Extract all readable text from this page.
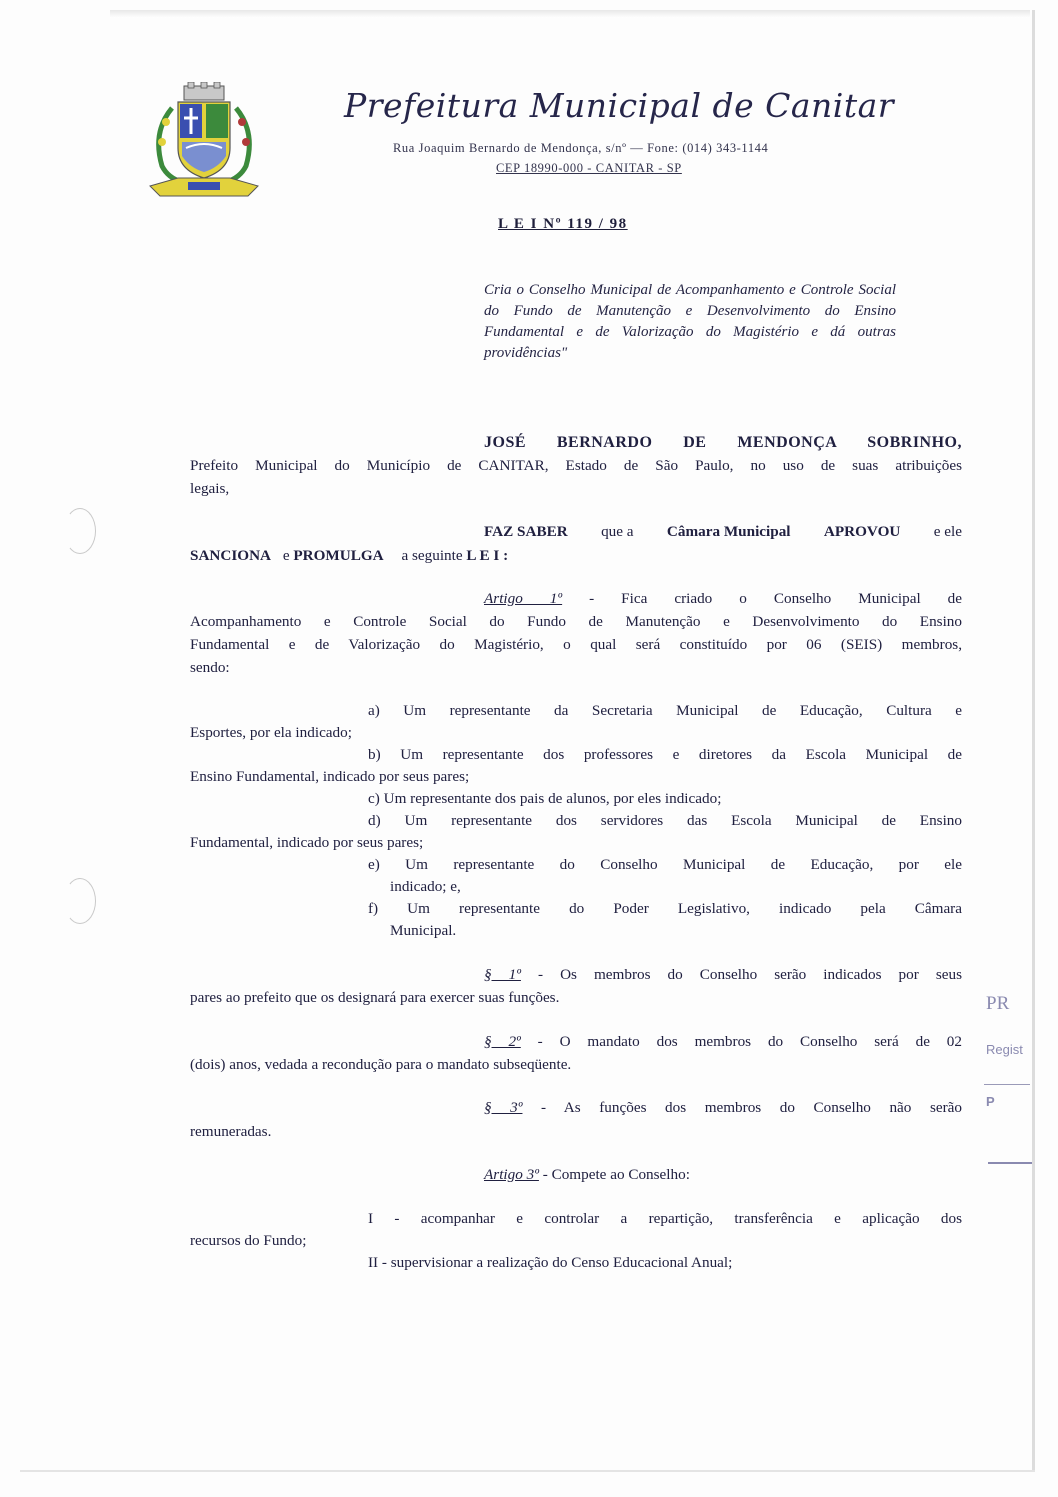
Prefeitura Municipal de Canitar
Rua Joaquim Bernardo de Mendonça, s/nº — Fone: (014) 343-1144
CEP 18990-000 - CANITAR - SP
L E I Nº 119 / 98
Cria o Conselho Municipal de Acompanhamento e Controle Social do Fundo de Manutenção e Desenvolvimento do Ensino Fundamental e de Valorização do Magistério e dá outras providências"
JOSÉ BERNARDO DE MENDONÇA SOBRINHO,
Prefeito Municipal do Município de CANITAR, Estado de São Paulo, no uso de suas atribuições
legais,
FAZ SABER que a Câmara Municipal APROVOU e ele
SANCIONA e PROMULGA a seguinte L E I :
Artigo 1º - Fica criado o Conselho Municipal de
Acompanhamento e Controle Social do Fundo de Manutenção e Desenvolvimento do Ensino
Fundamental e de Valorização do Magistério, o qual será constituído por 06 (SEIS) membros,
sendo:
a) Um representante da Secretaria Municipal de Educação, Cultura e
Esportes, por ela indicado;
b) Um representante dos professores e diretores da Escola Municipal de
Ensino Fundamental, indicado por seus pares;
c) Um representante dos pais de alunos, por eles indicado;
d) Um representante dos servidores das Escola Municipal de Ensino
Fundamental, indicado por seus pares;
e) Um representante do Conselho Municipal de Educação, por ele
indicado; e,
f) Um representante do Poder Legislativo, indicado pela Câmara
Municipal.
§ 1º - Os membros do Conselho serão indicados por seus
pares ao prefeito que os designará para exercer suas funções.
§ 2º - O mandato dos membros do Conselho será de 02
(dois) anos, vedada a recondução para o mandato subseqüente.
§ 3º - As funções dos membros do Conselho não serão
remuneradas.
Artigo 3º - Compete ao Conselho:
I - acompanhar e controlar a repartição, transferência e aplicação dos
recursos do Fundo;
II - supervisionar a realização do Censo Educacional Anual;
PR
Regist
P
